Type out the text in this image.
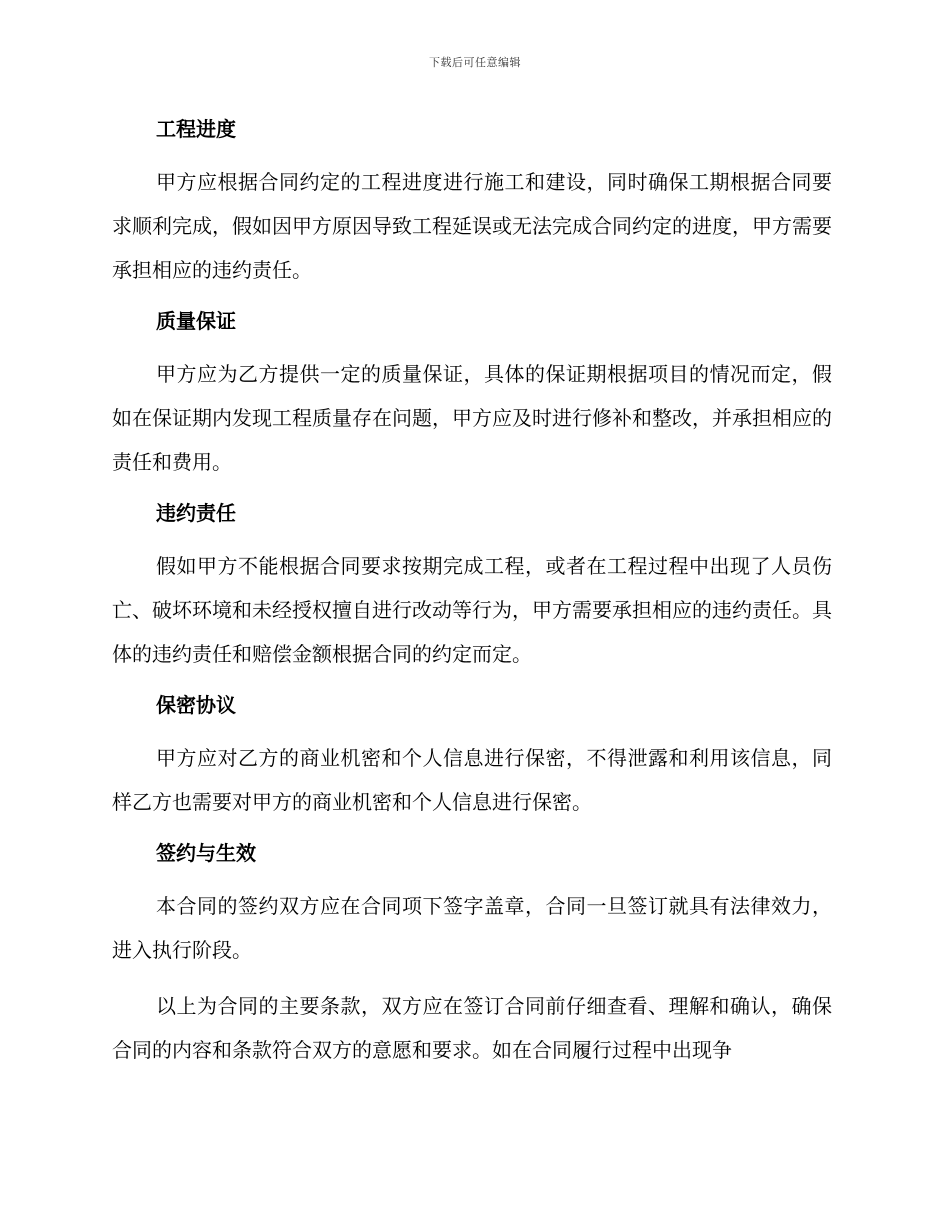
下载后可任意编辑
工程进度

甲方应根据合同约定的工程进度进行施工和建设，同时确保工期根据合同要求顺利完成，假如因甲方原因导致工程延误或无法完成合同约定的进度，甲方需要承担相应的违约责任。

质量保证

甲方应为乙方提供一定的质量保证，具体的保证期根据项目的情况而定，假如在保证期内发现工程质量存在问题，甲方应及时进行修补和整改，并承担相应的责任和费用。

违约责任

假如甲方不能根据合同要求按期完成工程，或者在工程过程中出现了人员伤亡、破坏环境和未经授权擅自进行改动等行为，甲方需要承担相应的违约责任。具体的违约责任和赔偿金额根据合同的约定而定。

保密协议

甲方应对乙方的商业机密和个人信息进行保密，不得泄露和利用该信息，同样乙方也需要对甲方的商业机密和个人信息进行保密。

签约与生效

本合同的签约双方应在合同项下签字盖章，合同一旦签订就具有法律效力，进入执行阶段。

以上为合同的主要条款，双方应在签订合同前仔细查看、理解和确认，确保合同的内容和条款符合双方的意愿和要求。如在合同履行过程中出现争
